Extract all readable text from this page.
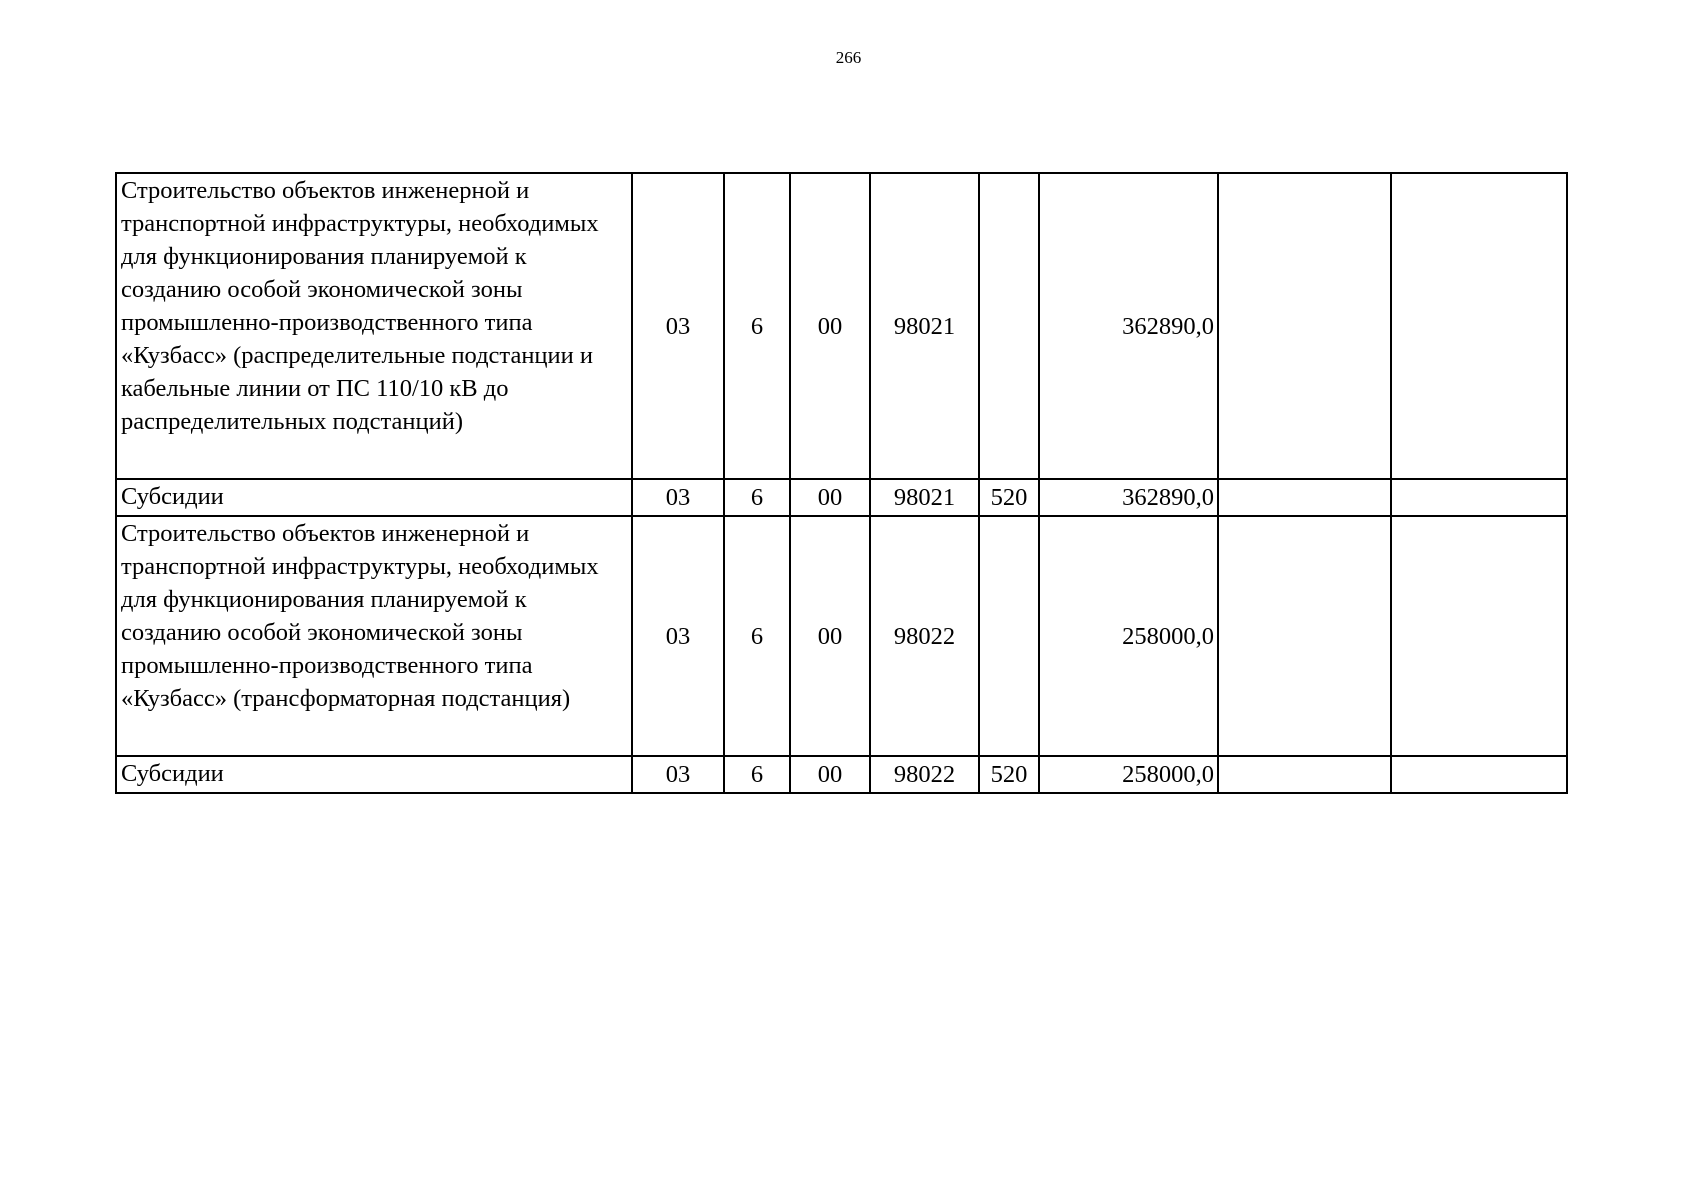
266
Строительство объектов инженерной и транспортной инфраструктуры, необходимых для функционирования планируемой к созданию особой экономической зоны промышленно-производственного типа «Кузбасс» (распределительные подстанции и кабельные линии от ПС 110/10 кВ до распределительных подстанций)	03	6	00	98021		362890,0		
Субсидии	03	6	00	98021	520	362890,0		
Строительство объектов инженерной и транспортной инфраструктуры, необходимых для функционирования планируемой к созданию особой экономической зоны промышленно-производственного типа «Кузбасс» (трансформаторная подстанция)	03	6	00	98022		258000,0		
Субсидии	03	6	00	98022	520	258000,0		
